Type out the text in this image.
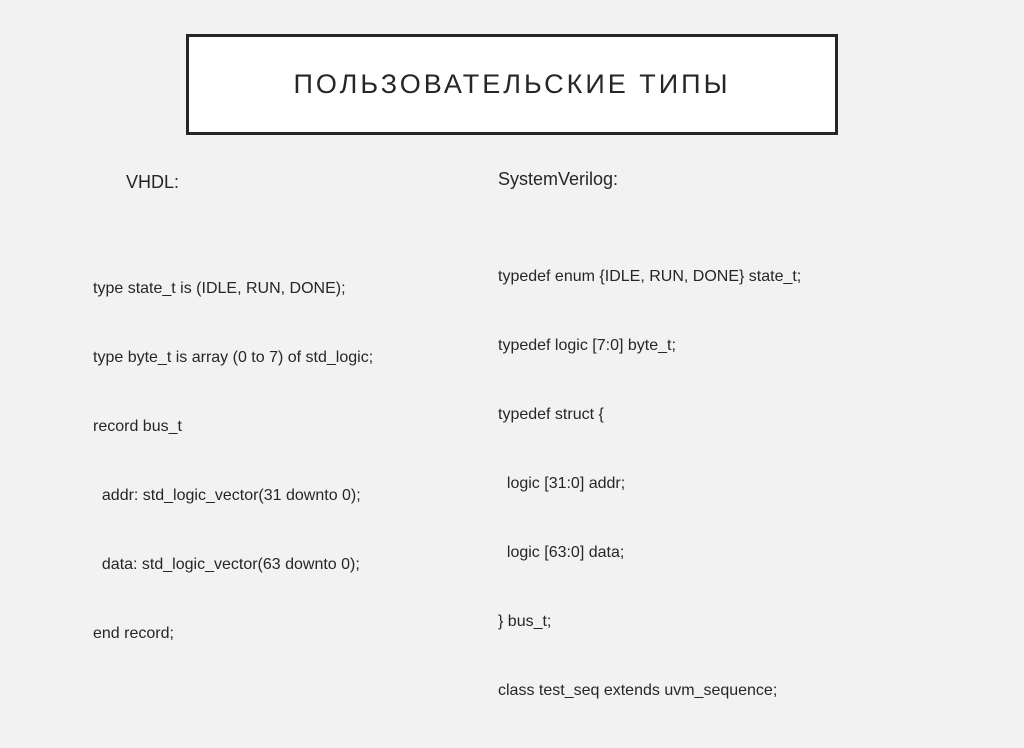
ПОЛЬЗОВАТЕЛЬСКИЕ ТИПЫ
VHDL:

type state_t is (IDLE, RUN, DONE);

type byte_t is array (0 to 7) of std_logic;

record bus_t

addr: std_logic_vector(31 downto 0);

data: std_logic_vector(63 downto 0);

end record;

SystemVerilog:

typedef enum {IDLE, RUN, DONE} state_t;

typedef logic [7:0] byte_t;

typedef struct {

logic [31:0] addr;

logic [63:0] data;

} bus_t;

class test_seq extends uvm_sequence;
